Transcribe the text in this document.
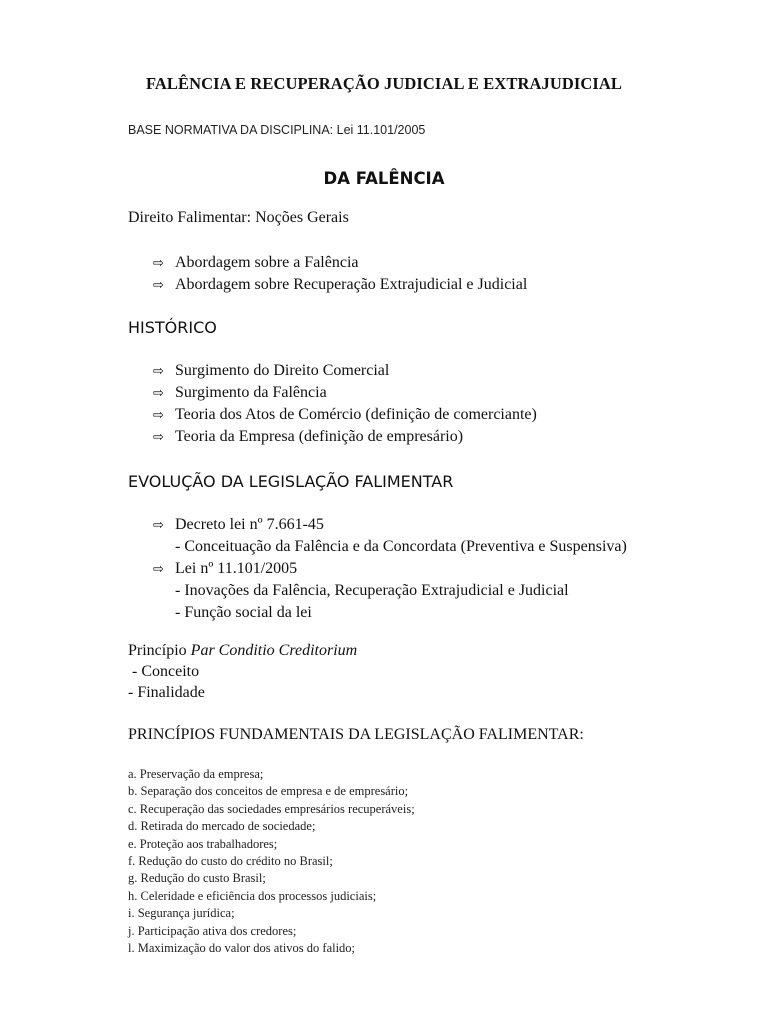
FALÊNCIA E RECUPERAÇÃO JUDICIAL E EXTRAJUDICIAL
BASE NORMATIVA DA DISCIPLINA: Lei 11.101/2005
DA FALÊNCIA
Direito Falimentar: Noções Gerais
⇨ Abordagem sobre a Falência
⇨ Abordagem sobre Recuperação Extrajudicial e Judicial
HISTÓRICO
⇨ Surgimento do Direito Comercial
⇨ Surgimento da Falência
⇨ Teoria dos Atos de Comércio (definição de comerciante)
⇨ Teoria da Empresa (definição de empresário)
EVOLUÇÃO DA LEGISLAÇÃO FALIMENTAR
⇨ Decreto lei nº 7.661-45
- Conceituação da Falência e da Concordata (Preventiva e Suspensiva)
⇨ Lei nº 11.101/2005
- Inovações da Falência, Recuperação Extrajudicial e Judicial
- Função social da lei
Princípio Par Conditio Creditorium
- Conceito
- Finalidade
PRINCÍPIOS FUNDAMENTAIS DA LEGISLAÇÃO FALIMENTAR:
a. Preservação da empresa;
b. Separação dos conceitos de empresa e de empresário;
c. Recuperação das sociedades empresários recuperáveis;
d. Retirada do mercado de sociedade;
e. Proteção aos trabalhadores;
f. Redução do custo do crédito no Brasil;
g. Redução do custo Brasil;
h. Celeridade e eficiência dos processos judiciais;
i. Segurança jurídica;
j. Participação ativa dos credores;
l. Maximização do valor dos ativos do falido;
